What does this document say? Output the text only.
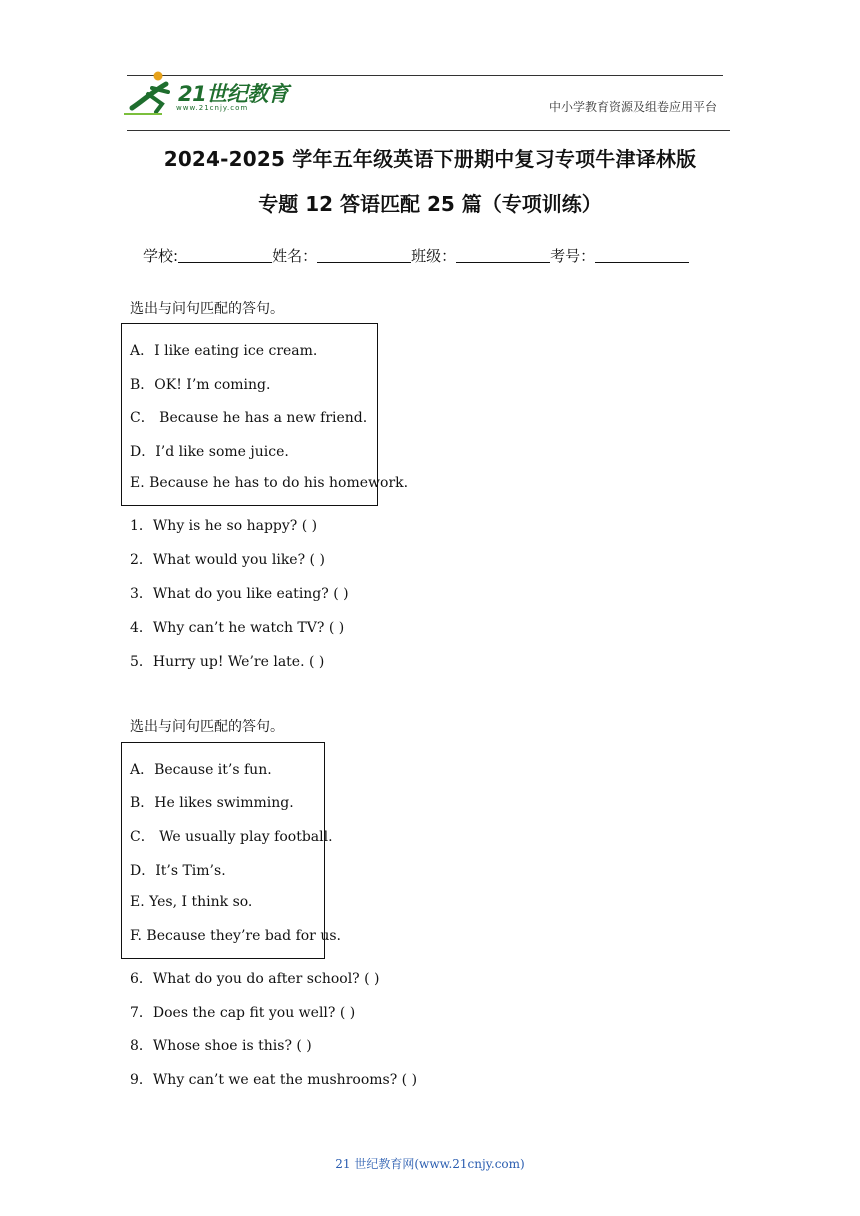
21世纪教育
www.21cnjy.com	中小学教育资源及组卷应用平台
2024-2025 学年五年级英语下册期中复习专项牛津译林版
专题 12 答语匹配 25 篇（专项训练）
学校:	姓名：	班级：	考号：
选出与问句匹配的答句。
A．I like eating ice cream.
B．OK! I’m coming.
C． Because he has a new friend.
D．I’d like some juice.
E. Because he has to do his homework.
1．Why is he so happy? ( )
2．What would you like? ( )
3．What do you like eating? ( )
4．Why can’t he watch TV? ( )
5．Hurry up! We’re late. ( )
选出与问句匹配的答句。
A．Because it’s fun.
B．He likes swimming.
C． We usually play football.
D．It’s Tim’s.
E. Yes, I think so.
F. Because they’re bad for us.
6．What do you do after school? ( )
7．Does the cap fit you well? ( )
8．Whose shoe is this? ( )
9．Why can’t we eat the mushrooms? ( )
21 世纪教育网(www.21cnjy.com)
